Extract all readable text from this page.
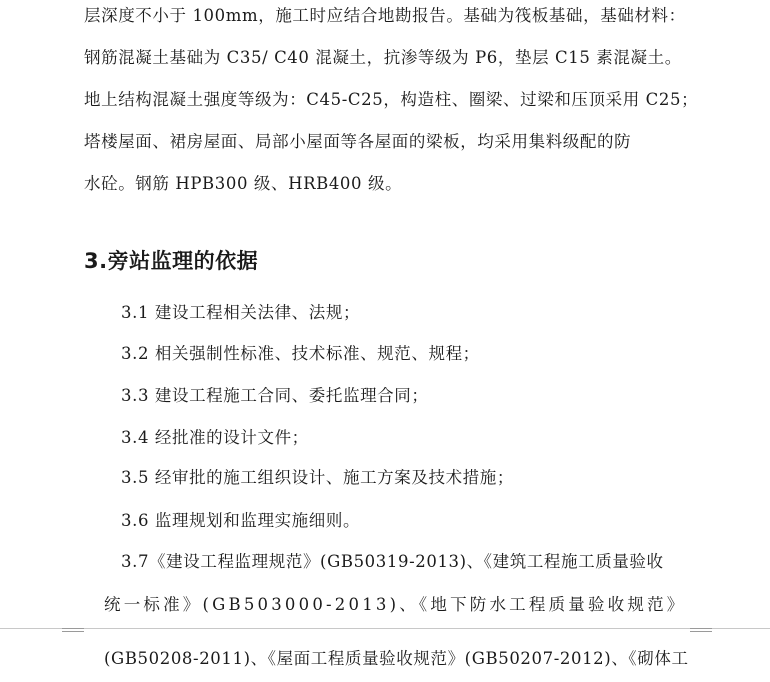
层深度不小于 100mm，施工时应结合地勘报告。基础为筏板基础，基础材料：
钢筋混凝土基础为 C35/ C40 混凝土，抗渗等级为 P6，垫层 C15 素混凝土。
地上结构混凝土强度等级为：C45-C25，构造柱、圈梁、过梁和压顶采用 C25；
塔楼屋面、裙房屋面、局部小屋面等各屋面的梁板，均采用集料级配的防
水砼。钢筋 HPB300 级、HRB400 级。
3.旁站监理的依据
3.1 建设工程相关法律、法规；
3.2 相关强制性标准、技术标准、规范、规程；
3.3 建设工程施工合同、委托监理合同；
3.4 经批准的设计文件；
3.5 经审批的施工组织设计、施工方案及技术措施；
3.6 监理规划和监理实施细则。
3.7《建设工程监理规范》(GB50319-2013)、《建筑工程施工质量验收
统一标准》(GB503000-2013)、《地下防水工程质量验收规范》
(GB50208-2011)、《屋面工程质量验收规范》(GB50207-2012)、《砌体工
